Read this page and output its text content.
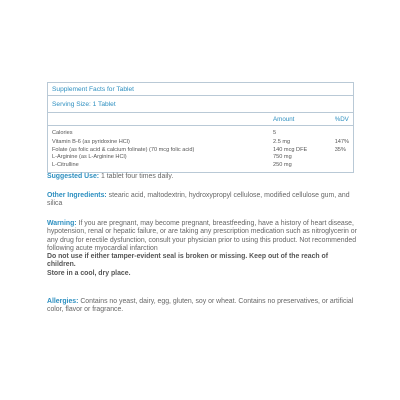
Supplement Facts for Tablet
Serving Size: 1 Tablet
	Amount	%DV
Calories	5	
Vitamin B-6 (as pyridoxine HCl)	2.5 mg	147%
Folate (as folic acid & calcium folinate) (70 mcg folic acid)	140 mcg DFE	35%
L-Arginine (as L-Arginine HCl)	750 mg	
L-Citrulline	250 mg	
Suggested Use: 1 tablet four times daily.
Other Ingredients: stearic acid, maltodextrin, hydroxypropyl cellulose, modified cellulose gum, and silica
Warning: If you are pregnant, may become pregnant, breastfeeding, have a history of heart disease, hypotension, renal or hepatic failure, or are taking any prescription medication such as nitroglycerin or any drug for erectile dysfunction, consult your physician prior to using this product. Not recommended following acute myocardial infarction
Do not use if either tamper-evident seal is broken or missing. Keep out of the reach of children.
Store in a cool, dry place.
Allergies: Contains no yeast, dairy, egg, gluten, soy or wheat. Contains no preservatives, or artificial color, flavor or fragrance.
